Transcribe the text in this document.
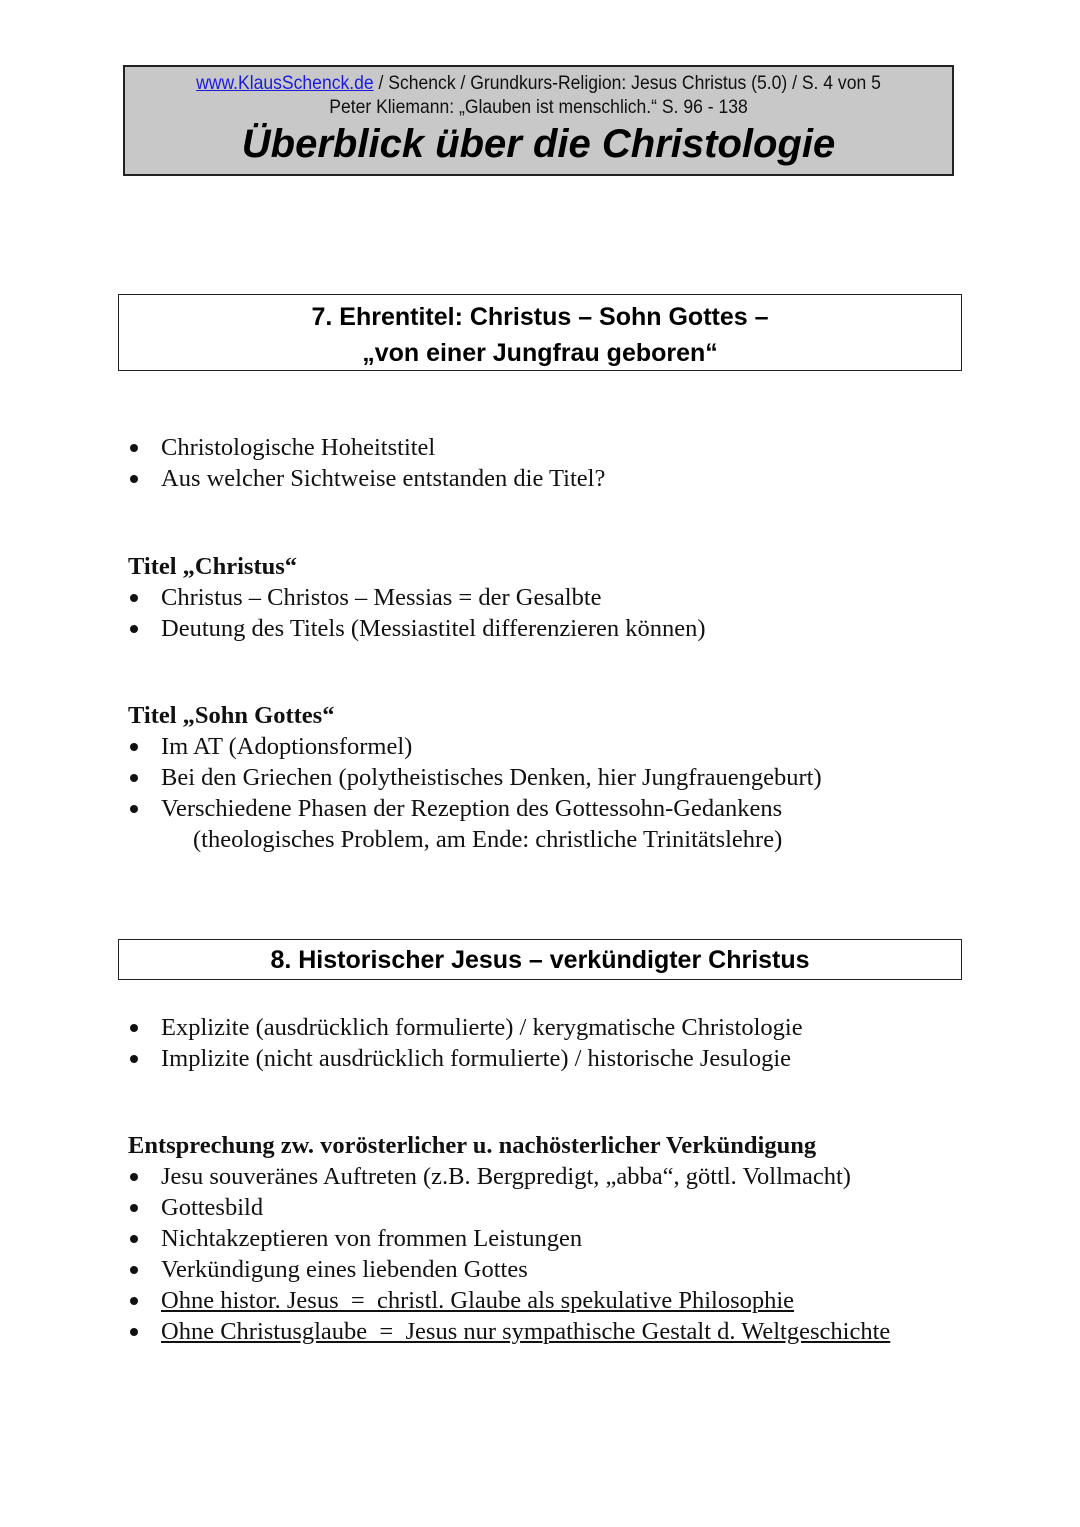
www.KlausSchenck.de / Schenck / Grundkurs-Religion: Jesus Christus (5.0) / S. 4 von 5
Peter Kliemann: „Glauben ist menschlich.“ S. 96 - 138
Überblick über die Christologie
7. Ehrentitel: Christus – Sohn Gottes –
„von einer Jungfrau geboren“
Christologische Hoheitstitel
Aus welcher Sichtweise entstanden die Titel?
Titel „Christus“
Christus – Christos – Messias = der Gesalbte
Deutung des Titels (Messiastitel differenzieren können)
Titel „Sohn Gottes“
Im AT (Adoptionsformel)
Bei den Griechen (polytheistisches Denken, hier Jungfrauengeburt)
Verschiedene Phasen der Rezeption des Gottessohn-Gedankens
(theologisches Problem, am Ende: christliche Trinitätslehre)
8. Historischer Jesus – verkündigter Christus
Explizite (ausdrücklich formulierte) / kerygmatische Christologie
Implizite (nicht ausdrücklich formulierte) / historische Jesulogie
Entsprechung zw. vorösterlicher u. nachösterlicher Verkündigung
Jesu souveränes Auftreten (z.B. Bergpredigt, „abba“, göttl. Vollmacht)
Gottesbild
Nichtakzeptieren von frommen Leistungen
Verkündigung eines liebenden Gottes
Ohne histor. Jesus  =  christl. Glaube als spekulative Philosophie
Ohne Christusglaube  =  Jesus nur sympathische Gestalt d. Weltgeschichte
